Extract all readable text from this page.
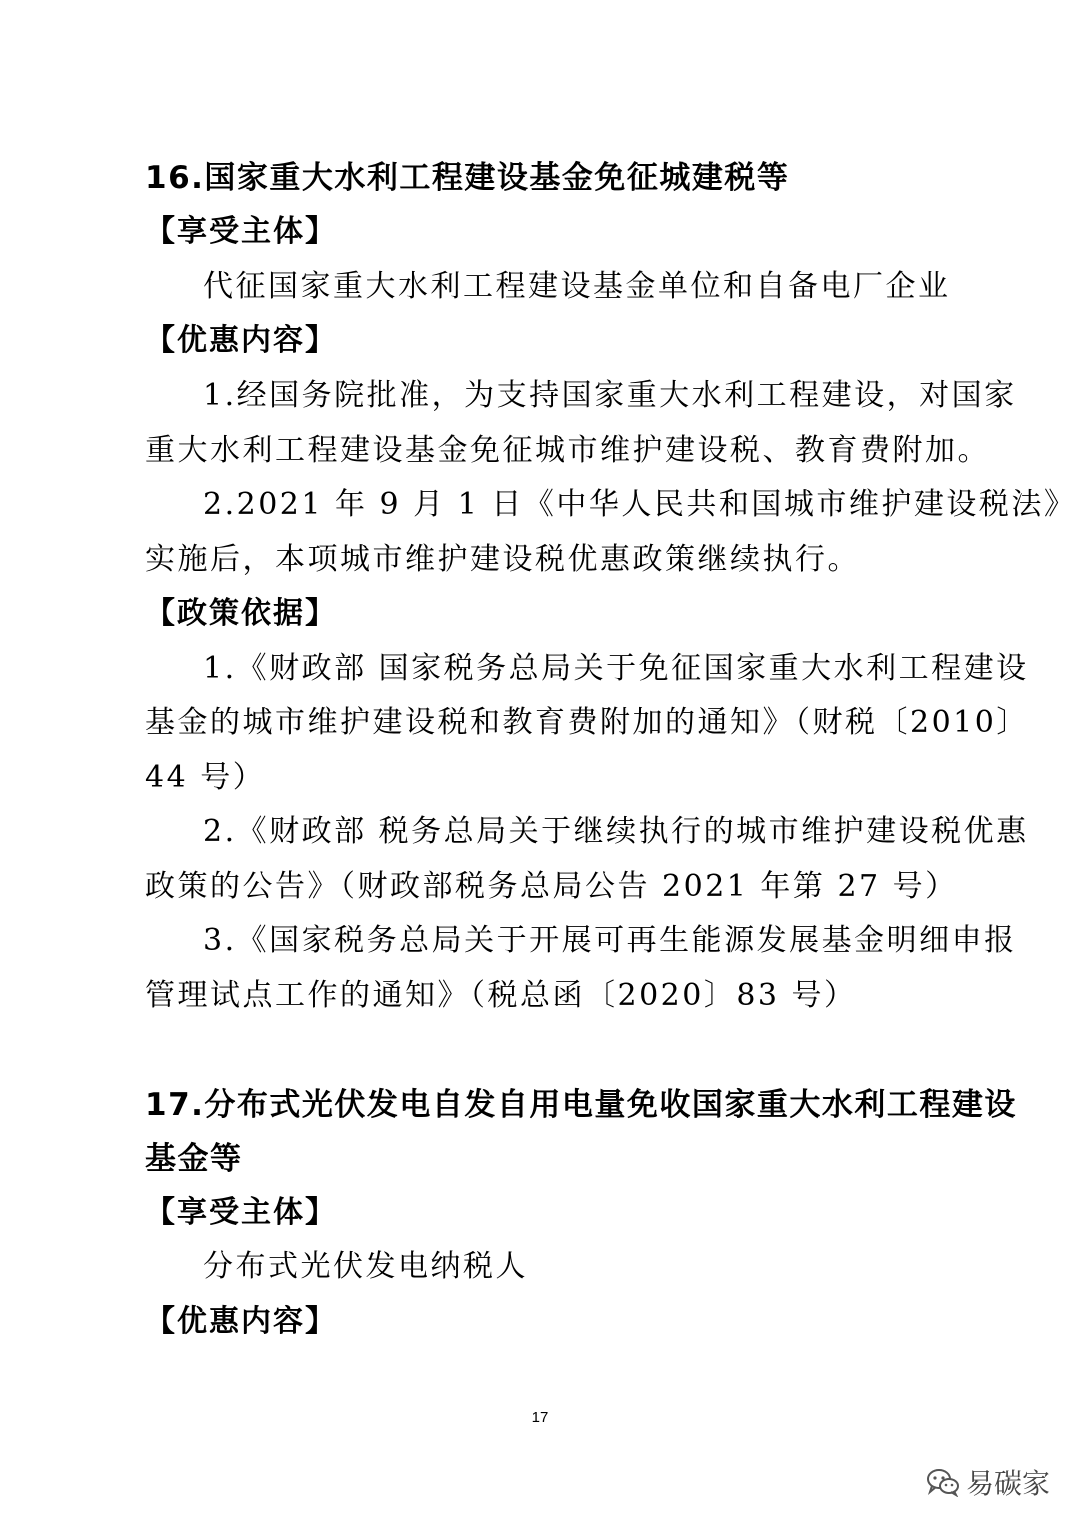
16.国家重大水利工程建设基金免征城建税等
【享受主体】
代征国家重大水利工程建设基金单位和自备电厂企业
【优惠内容】
1.经国务院批准，为支持国家重大水利工程建设，对国家
重大水利工程建设基金免征城市维护建设税、教育费附加。
2.2021 年 9 月 1 日《中华人民共和国城市维护建设税法》
实施后，本项城市维护建设税优惠政策继续执行。
【政策依据】
1.《财政部 国家税务总局关于免征国家重大水利工程建设
基金的城市维护建设税和教育费附加的通知》（财税〔2010〕
44 号）
2.《财政部 税务总局关于继续执行的城市维护建设税优惠
政策的公告》（财政部税务总局公告 2021 年第 27 号）
3.《国家税务总局关于开展可再生能源发展基金明细申报
管理试点工作的通知》（税总函〔2020〕83 号）
17.分布式光伏发电自发自用电量免收国家重大水利工程建设
基金等
【享受主体】
分布式光伏发电纳税人
【优惠内容】
17
易碳家
